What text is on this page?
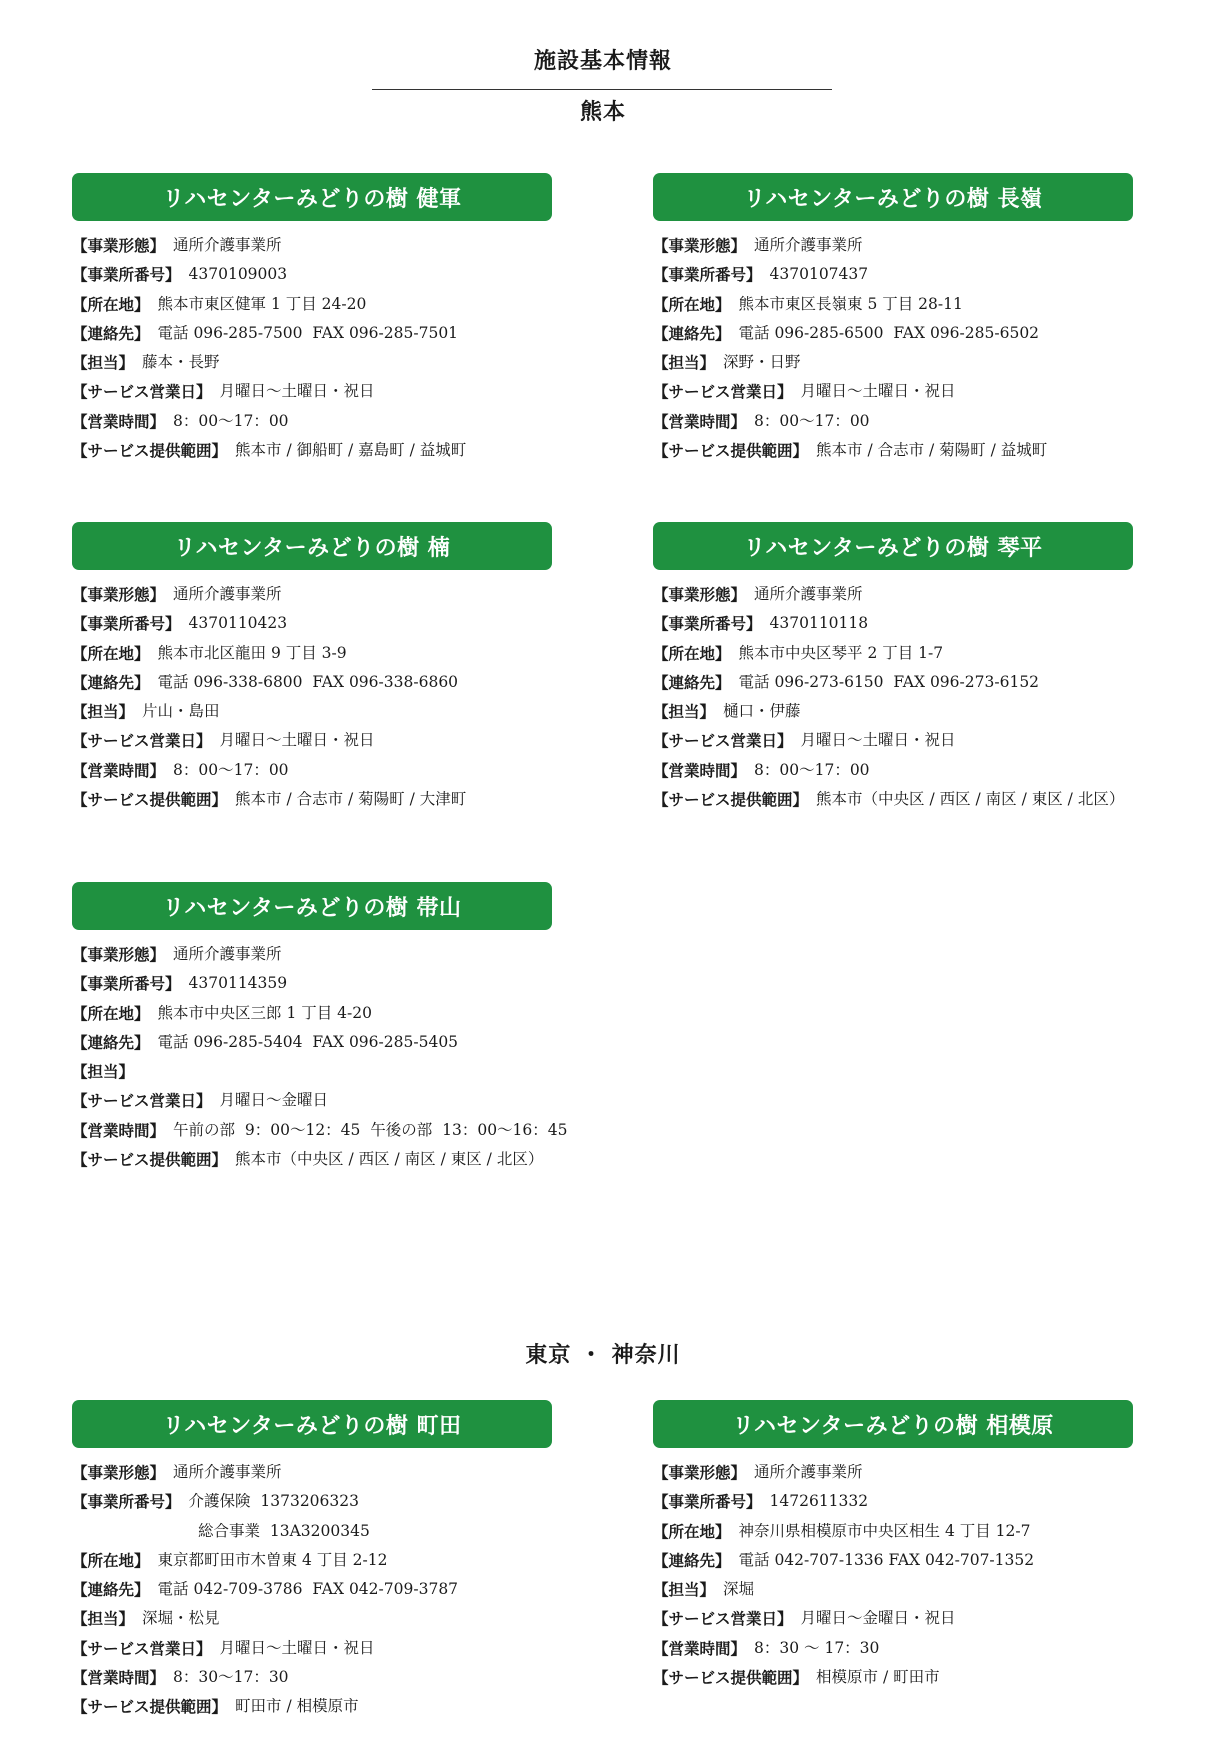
施設基本情報
熊本
リハセンターみどりの樹 健軍
【事業形態】 通所介護事業所
【事業所番号】 4370109003
【所在地】 熊本市東区健軍 1 丁目 24-20
【連絡先】 電話 096-285-7500  FAX 096-285-7501
【担当】 藤本・長野
【サービス営業日】 月曜日～土曜日・祝日
【営業時間】 8：00～17：00
【サービス提供範囲】 熊本市 / 御船町 / 嘉島町 / 益城町
リハセンターみどりの樹 長嶺
【事業形態】 通所介護事業所
【事業所番号】 4370107437
【所在地】 熊本市東区長嶺東 5 丁目 28-11
【連絡先】 電話 096-285-6500  FAX 096-285-6502
【担当】 深野・日野
【サービス営業日】 月曜日～土曜日・祝日
【営業時間】 8：00～17：00
【サービス提供範囲】 熊本市 / 合志市 / 菊陽町 / 益城町
リハセンターみどりの樹 楠
【事業形態】 通所介護事業所
【事業所番号】 4370110423
【所在地】 熊本市北区龍田 9 丁目 3-9
【連絡先】 電話 096-338-6800  FAX 096-338-6860
【担当】 片山・島田
【サービス営業日】 月曜日～土曜日・祝日
【営業時間】 8：00～17：00
【サービス提供範囲】 熊本市 / 合志市 / 菊陽町 / 大津町
リハセンターみどりの樹 琴平
【事業形態】 通所介護事業所
【事業所番号】 4370110118
【所在地】 熊本市中央区琴平 2 丁目 1-7
【連絡先】 電話 096-273-6150  FAX 096-273-6152
【担当】 樋口・伊藤
【サービス営業日】 月曜日～土曜日・祝日
【営業時間】 8：00～17：00
【サービス提供範囲】 熊本市（中央区 / 西区 / 南区 / 東区 / 北区）
リハセンターみどりの樹 帯山
【事業形態】 通所介護事業所
【事業所番号】 4370114359
【所在地】 熊本市中央区三郎 1 丁目 4-20
【連絡先】 電話 096-285-5404  FAX 096-285-5405
【担当】
【サービス営業日】 月曜日～金曜日
【営業時間】 午前の部  9：00～12：45  午後の部  13：00～16：45
【サービス提供範囲】 熊本市（中央区 / 西区 / 南区 / 東区 / 北区）
東京 ・ 神奈川
リハセンターみどりの樹 町田
【事業形態】 通所介護事業所
【事業所番号】 介護保険  1373206323
総合事業  13A3200345
【所在地】 東京都町田市木曽東 4 丁目 2-12
【連絡先】 電話 042-709-3786  FAX 042-709-3787
【担当】 深堀・松見
【サービス営業日】 月曜日～土曜日・祝日
【営業時間】 8：30～17：30
【サービス提供範囲】 町田市 / 相模原市
リハセンターみどりの樹 相模原
【事業形態】 通所介護事業所
【事業所番号】 1472611332
【所在地】 神奈川県相模原市中央区相生 4 丁目 12-7
【連絡先】 電話 042-707-1336 FAX 042-707-1352
【担当】 深堀
【サービス営業日】 月曜日～金曜日・祝日
【営業時間】 8：30 ～ 17：30
【サービス提供範囲】 相模原市 / 町田市
